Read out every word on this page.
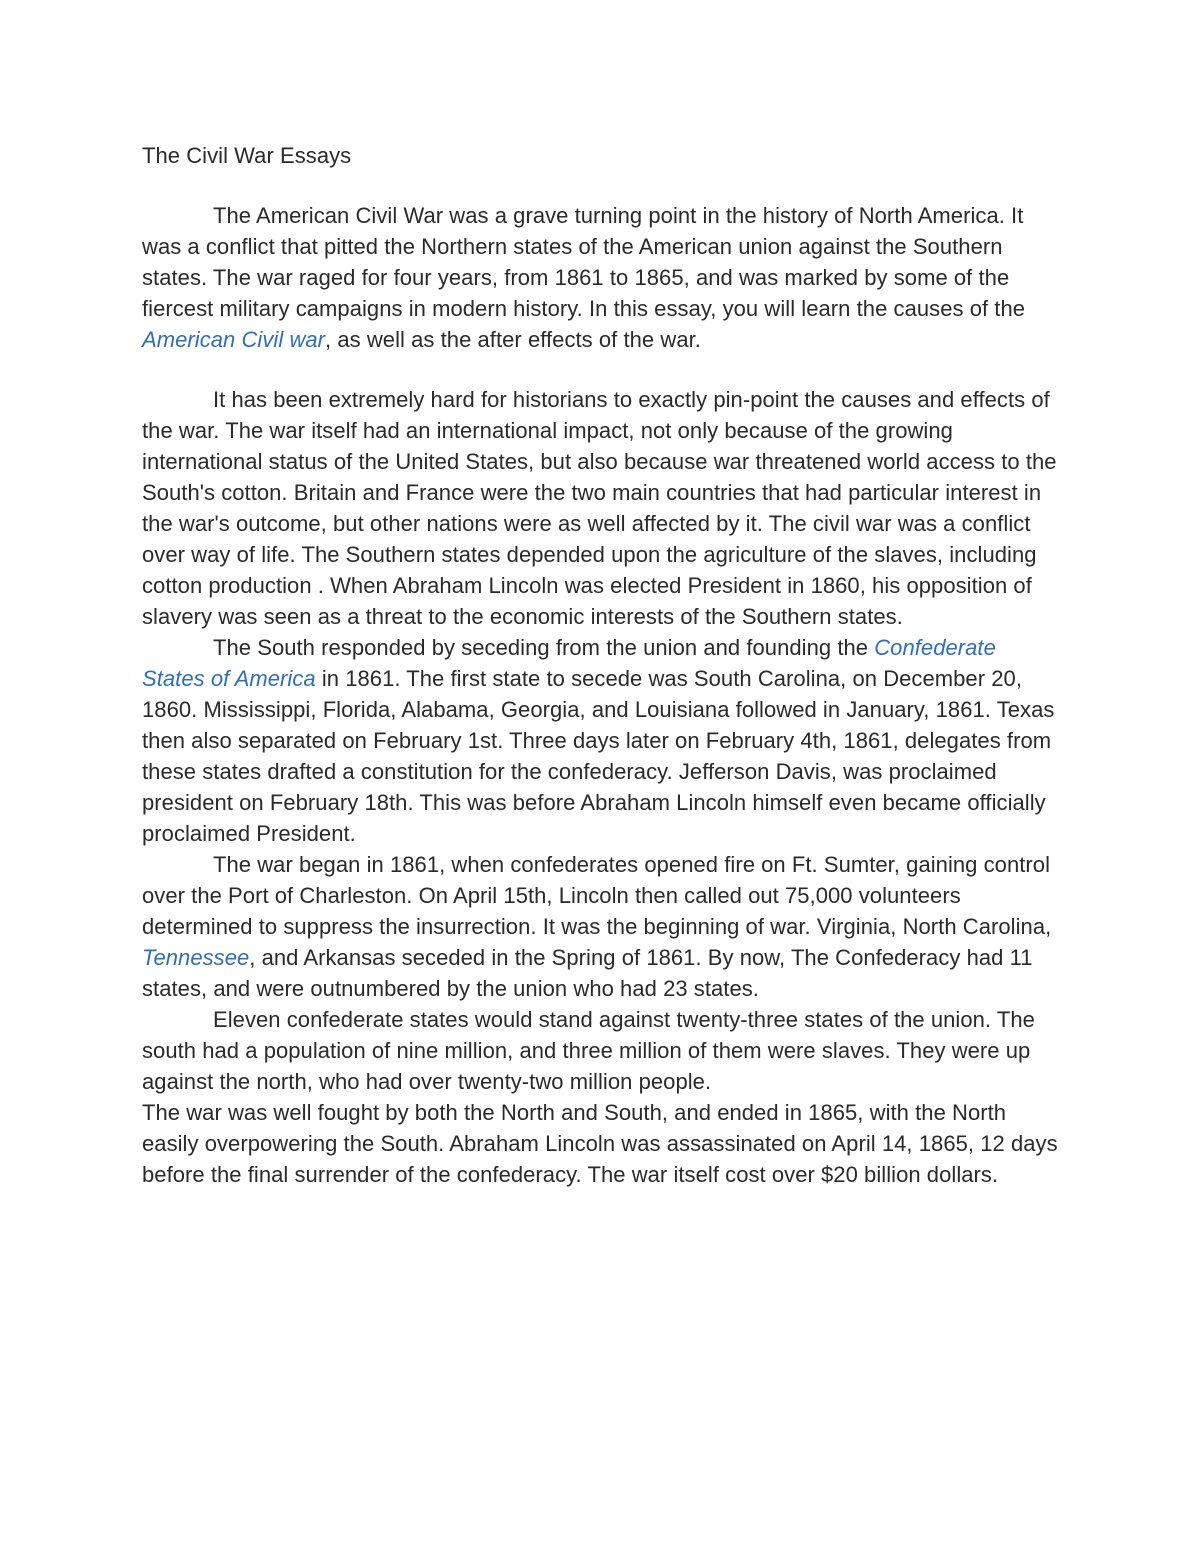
The Civil War Essays

The American Civil War was a grave turning point in the history of North America. It was a conflict that pitted the Northern states of the American union against the Southern states. The war raged for four years, from 1861 to 1865, and was marked by some of the fiercest military campaigns in modern history. In this essay, you will learn the causes of the American Civil war, as well as the after effects of the war.

It has been extremely hard for historians to exactly pin-point the causes and effects of the war. The war itself had an international impact, not only because of the growing international status of the United States, but also because war threatened world access to the South's cotton. Britain and France were the two main countries that had particular interest in the war's outcome, but other nations were as well affected by it. The civil war was a conflict over way of life. The Southern states depended upon the agriculture of the slaves, including cotton production . When Abraham Lincoln was elected President in 1860, his opposition of slavery was seen as a threat to the economic interests of the Southern states.

The South responded by seceding from the union and founding the Confederate States of America in 1861. The first state to secede was South Carolina, on December 20, 1860. Mississippi, Florida, Alabama, Georgia, and Louisiana followed in January, 1861. Texas then also separated on February 1st. Three days later on February 4th, 1861, delegates from these states drafted a constitution for the confederacy. Jefferson Davis, was proclaimed president on February 18th. This was before Abraham Lincoln himself even became officially proclaimed President.

The war began in 1861, when confederates opened fire on Ft. Sumter, gaining control over the Port of Charleston. On April 15th, Lincoln then called out 75,000 volunteers determined to suppress the insurrection. It was the beginning of war. Virginia, North Carolina, Tennessee, and Arkansas seceded in the Spring of 1861. By now, The Confederacy had 11 states, and were outnumbered by the union who had 23 states.

Eleven confederate states would stand against twenty-three states of the union. The south had a population of nine million, and three million of them were slaves. They were up against the north, who had over twenty-two million people.

The war was well fought by both the North and South, and ended in 1865, with the North easily overpowering the South. Abraham Lincoln was assassinated on April 14, 1865, 12 days before the final surrender of the confederacy. The war itself cost over $20 billion dollars.
